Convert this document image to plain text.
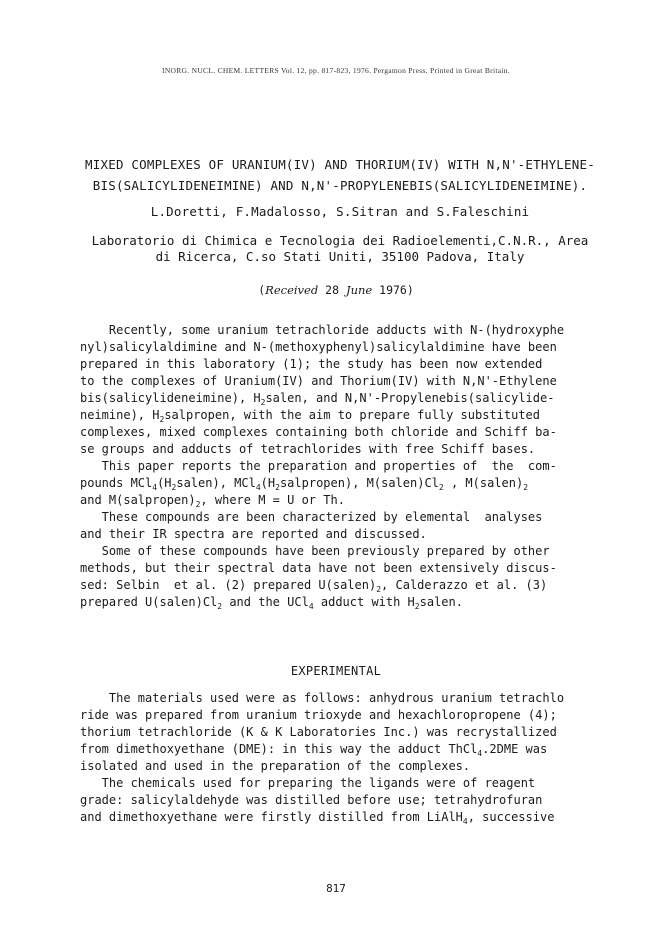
INORG. NUCL. CHEM. LETTERS Vol. 12, pp. 817-823, 1976. Pergamon Press. Printed in Great Britain.
MIXED COMPLEXES OF URANIUM(IV) AND THORIUM(IV) WITH N,N'-ETHYLENE-
BIS(SALICYLIDENEIMINE) AND N,N'-PROPYLENEBIS(SALICYLIDENEIMINE).
L.Doretti, F.Madalosso, S.Sitran and S.Faleschini
Laboratorio di Chimica e Tecnologia dei Radioelementi,C.N.R., Area
di Ricerca, C.so Stati Uniti, 35100 Padova, Italy
(Received 28 June 1976)
Recently, some uranium tetrachloride adducts with N-(hydroxyphe
nyl)salicylaldimine and N-(methoxyphenyl)salicylaldimine have been
prepared in this laboratory (1); the study has been now extended
to the complexes of Uranium(IV) and Thorium(IV) with N,N'-Ethylene
bis(salicylideneimine), $H_2salen$, and N,N'-Propylenebis(salicylide-
neimine), $H_2salpropen$, with the aim to prepare fully substituted
complexes, mixed complexes containing both chloride and Schiff ba-
se groups and adducts of tetrachlorides with free Schiff bases.
This paper reports the preparation and properties of  the  com-
pounds $MCl_4(H_2salen)$, $MCl_4(H_2salpropen)$, $M(salen)Cl_2$ , $M(salen)_2$
and $M(salpropen)_2$, where M = U or Th.
These compounds are been characterized by elemental  analyses
and their IR spectra are reported and discussed.
Some of these compounds have been previously prepared by other
methods, but their spectral data have not been extensively discus-
sed: Selbin  et al. (2) prepared $U(salen)_2$, Calderazzo et al. (3)
prepared $U(salen)Cl_2$ and the UCl$_4$ adduct with $H_2salen$.
EXPERIMENTAL
The materials used were as follows: anhydrous uranium tetrachlo
ride was prepared from uranium trioxyde and hexachloropropene (4);
thorium tetrachloride (K & K Laboratories Inc.) was recrystallized
from dimethoxyethane (DME): in this way the adduct ThCl$_4$.2DME was
isolated and used in the preparation of the complexes.
The chemicals used for preparing the ligands were of reagent
grade: salicylaldehyde was distilled before use; tetrahydrofuran
and dimethoxyethane were firstly distilled from LiAlH$_4$, successive
817
